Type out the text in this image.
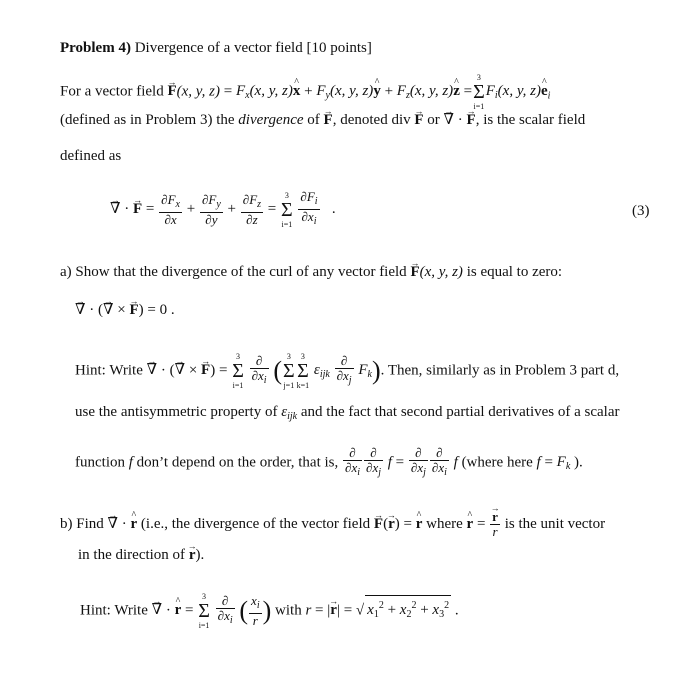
Problem 4) Divergence of a vector field [10 points]
For a vector field → F(x, y, $z) = F_x(x$, y, z)^ $x + F_y(x$, y, z)^ $y + F_z(x$, y, z)^ z =
3
Σ
i=1
$F_i(x$, y, z)^ $e_i$
(defined as in Problem 3) the divergence of → F, denoted div → F or → ∇ · → F, is the scalar field
defined as
→ ∇ · → $F = \frac{\partial F_x}{\partial x} + \frac{\partial F_y}{\partial y} + \frac{\partial F_z}{\partial z}$ =
3
Σ
i=1
$\frac{\partial F_i}{\partial x_i}$ .	(3)
a) Show that the divergence of the curl of any vector field → F(x, y, z) is equal to zero:
→ ∇ · (→ ∇ × → F) = 0 .
Hint: Write → ∇ · (→ ∇ × → F) =
3
Σ
i=1
$\frac{\partial}{\partial x_i}$ ( 3
Σ
j=1
3
Σ
k=1
$\varepsilon_{ijk} \frac{\partial}{\partial x_j} F_k$). Then, similarly as in Problem 3 part d,
use the antisymmetric property of $\varepsilon_{ijk}$ and the fact that second partial derivatives of a scalar
function f don’t depend on the order, that is, $\frac{\partial}{\partial x_i} \frac{\partial}{\partial x_j}$ $f = \frac{\partial}{\partial x_j} \frac{\partial}{\partial x_i}$ f (where here $f = F_k$ ).
b) Find → ∇ · ^ r (i.e., the divergence of the vector field → F(→ r) = ^ r where ^ r = → $\frac{r}{r}$ is the unit vector
in the direction of → r).
Hint: Write → ∇ · ^ r =
3
Σ
i=1
$\frac{\partial}{\partial x_i}$ ( $\frac{x_i}{r}$ ) with r = |→ r| = √ $x_1^2 + x_2^2 + x_3^2$ .
